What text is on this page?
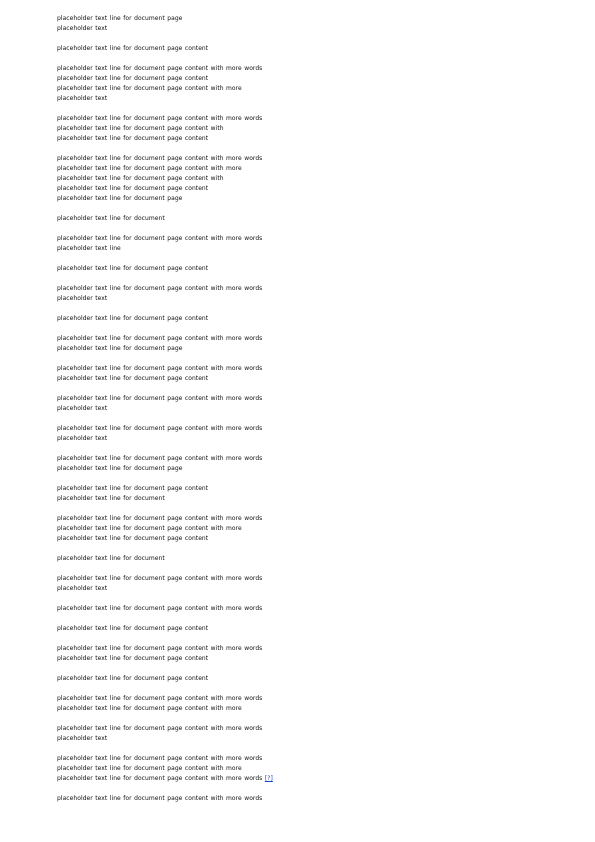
placeholder text line for document page
placeholder text

placeholder text line for document page content

placeholder text line for document page content with more words
placeholder text line for document page content
placeholder text line for document page content with more
placeholder text

placeholder text line for document page content with more words
placeholder text line for document page content with
placeholder text line for document page content

placeholder text line for document page content with more words
placeholder text line for document page content with more
placeholder text line for document page content with
placeholder text line for document page content
placeholder text line for document page

placeholder text line for document

placeholder text line for document page content with more words
placeholder text line

placeholder text line for document page content

placeholder text line for document page content with more words
placeholder text

placeholder text line for document page content

placeholder text line for document page content with more words
placeholder text line for document page

placeholder text line for document page content with more words
placeholder text line for document page content

placeholder text line for document page content with more words
placeholder text

placeholder text line for document page content with more words
placeholder text

placeholder text line for document page content with more words
placeholder text line for document page

placeholder text line for document page content
placeholder text line for document

placeholder text line for document page content with more words
placeholder text line for document page content with more
placeholder text line for document page content

placeholder text line for document

placeholder text line for document page content with more words
placeholder text

placeholder text line for document page content with more words

placeholder text line for document page content

placeholder text line for document page content with more words
placeholder text line for document page content

placeholder text line for document page content

placeholder text line for document page content with more words
placeholder text line for document page content with more

placeholder text line for document page content with more words
placeholder text

placeholder text line for document page content with more words
placeholder text line for document page content with more
placeholder text line for document page content with more words [?]

placeholder text line for document page content with more words
